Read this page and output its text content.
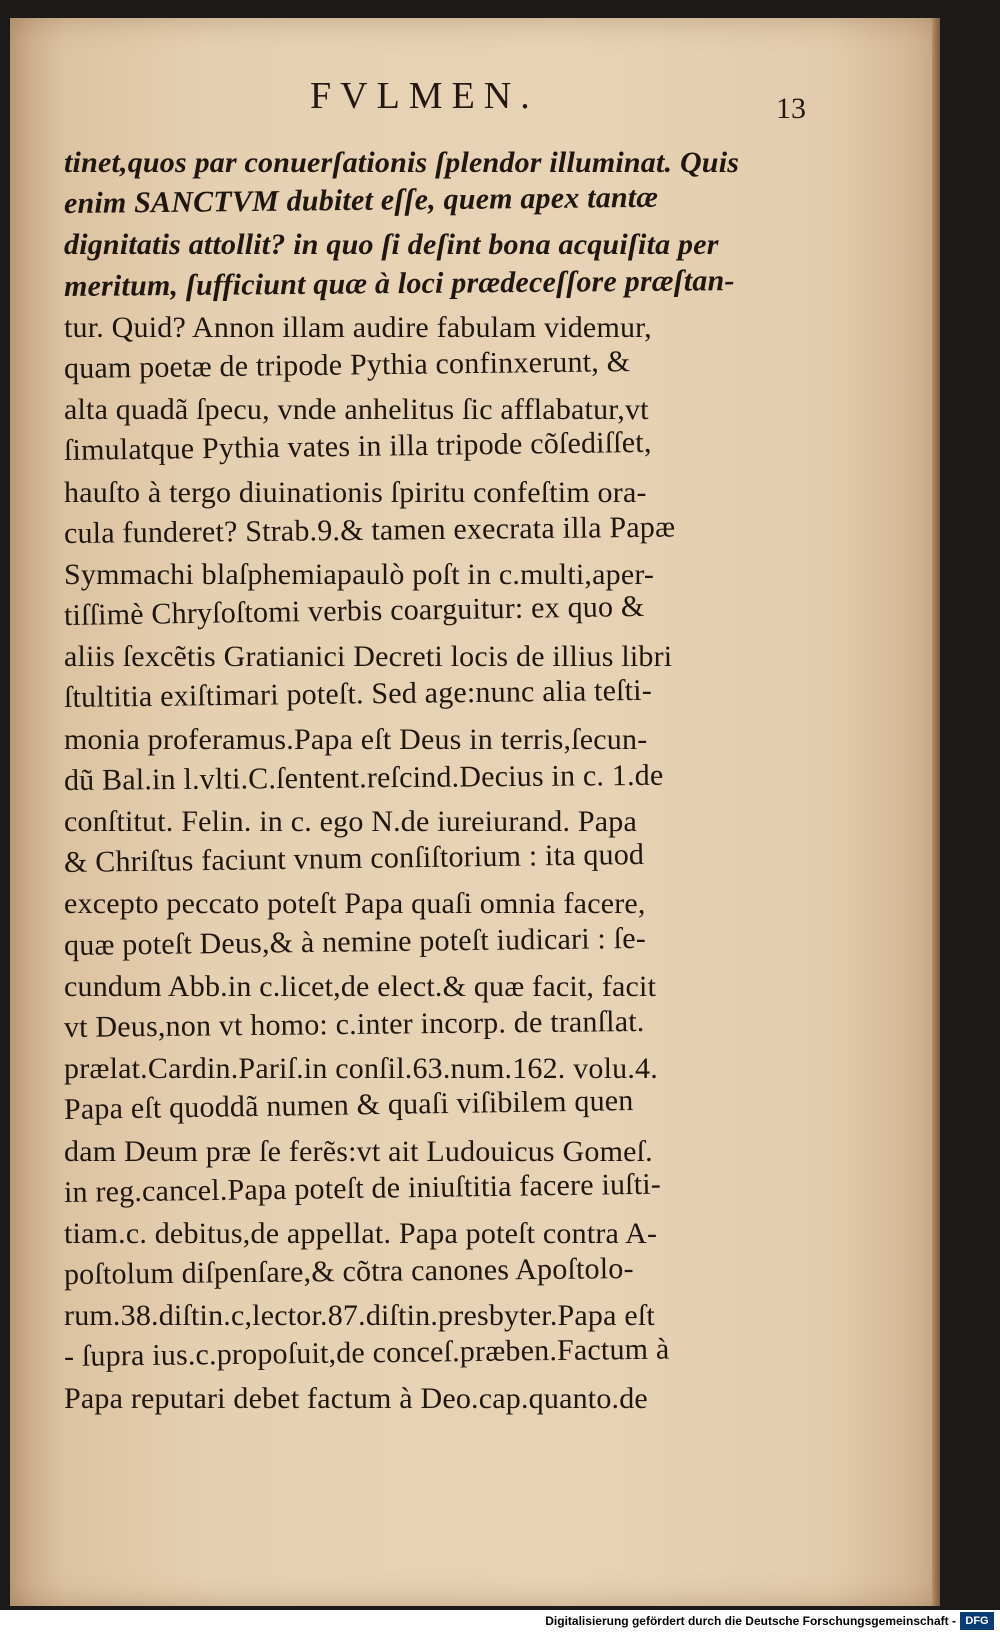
FVLMEN.	13
tinet,quos par conuerſationis ſplendor illuminat. Quis
enim SANCTVM dubitet eſſe, quem apex tantæ
dignitatis attollit? in quo ſi deſint bona acquiſita per
meritum, ſufficiunt quæ à loci prædeceſſore præſtan-
tur. Quid? Annon illam audire fabulam videmur,
quam poetæ de tripode Pythia confinxerunt, &
alta quadã ſpecu, vnde anhelitus ſic afflabatur,vt
ſimulatque Pythia vates in illa tripode cõſediſſet,
hauſto à tergo diuinationis ſpiritu confeſtim ora-
cula funderet? Strab.9.& tamen execrata illa Papæ
Symmachi blaſphemiapaulò poſt in c.multi,aper-
tiſſimè Chryſoſtomi verbis coarguitur: ex quo &
aliis ſexcẽtis Gratianici Decreti locis de illius libri
ſtultitia exiſtimari poteſt. Sed age:nunc alia teſti-
monia proferamus.Papa eſt Deus in terris,ſecun-
dũ Bal.in l.vlti.C.ſentent.reſcind.Decius in c. 1.de
conſtitut. Felin. in c. ego N.de iureiurand. Papa
& Chriſtus faciunt vnum conſiſtorium : ita quod
excepto peccato poteſt Papa quaſi omnia facere,
quæ poteſt Deus,& à nemine poteſt iudicari : ſe-
cundum Abb.in c.licet,de elect.& quæ facit, facit
vt Deus,non vt homo: c.inter incorp. de tranſlat.
prælat.Cardin.Pariſ.in conſil.63.num.162. volu.4.
Papa eſt quoddã numen & quaſi viſibilem quen
dam Deum præ ſe ferẽs:vt ait Ludouicus Gomeſ.
in reg.cancel.Papa poteſt de iniuſtitia facere iuſti-
tiam.c. debitus,de appellat. Papa poteſt contra A-
poſtolum diſpenſare,& cõtra canones Apoſtolo-
rum.38.diſtin.c,lector.87.diſtin.presbyter.Papa eſt
- ſupra ius.c.propoſuit,de conceſ.præben.Factum à
Papa reputari debet factum à Deo.cap.quanto.de
Digitalisierung gefördert durch die Deutsche Forschungsgemeinschaft - DFG
